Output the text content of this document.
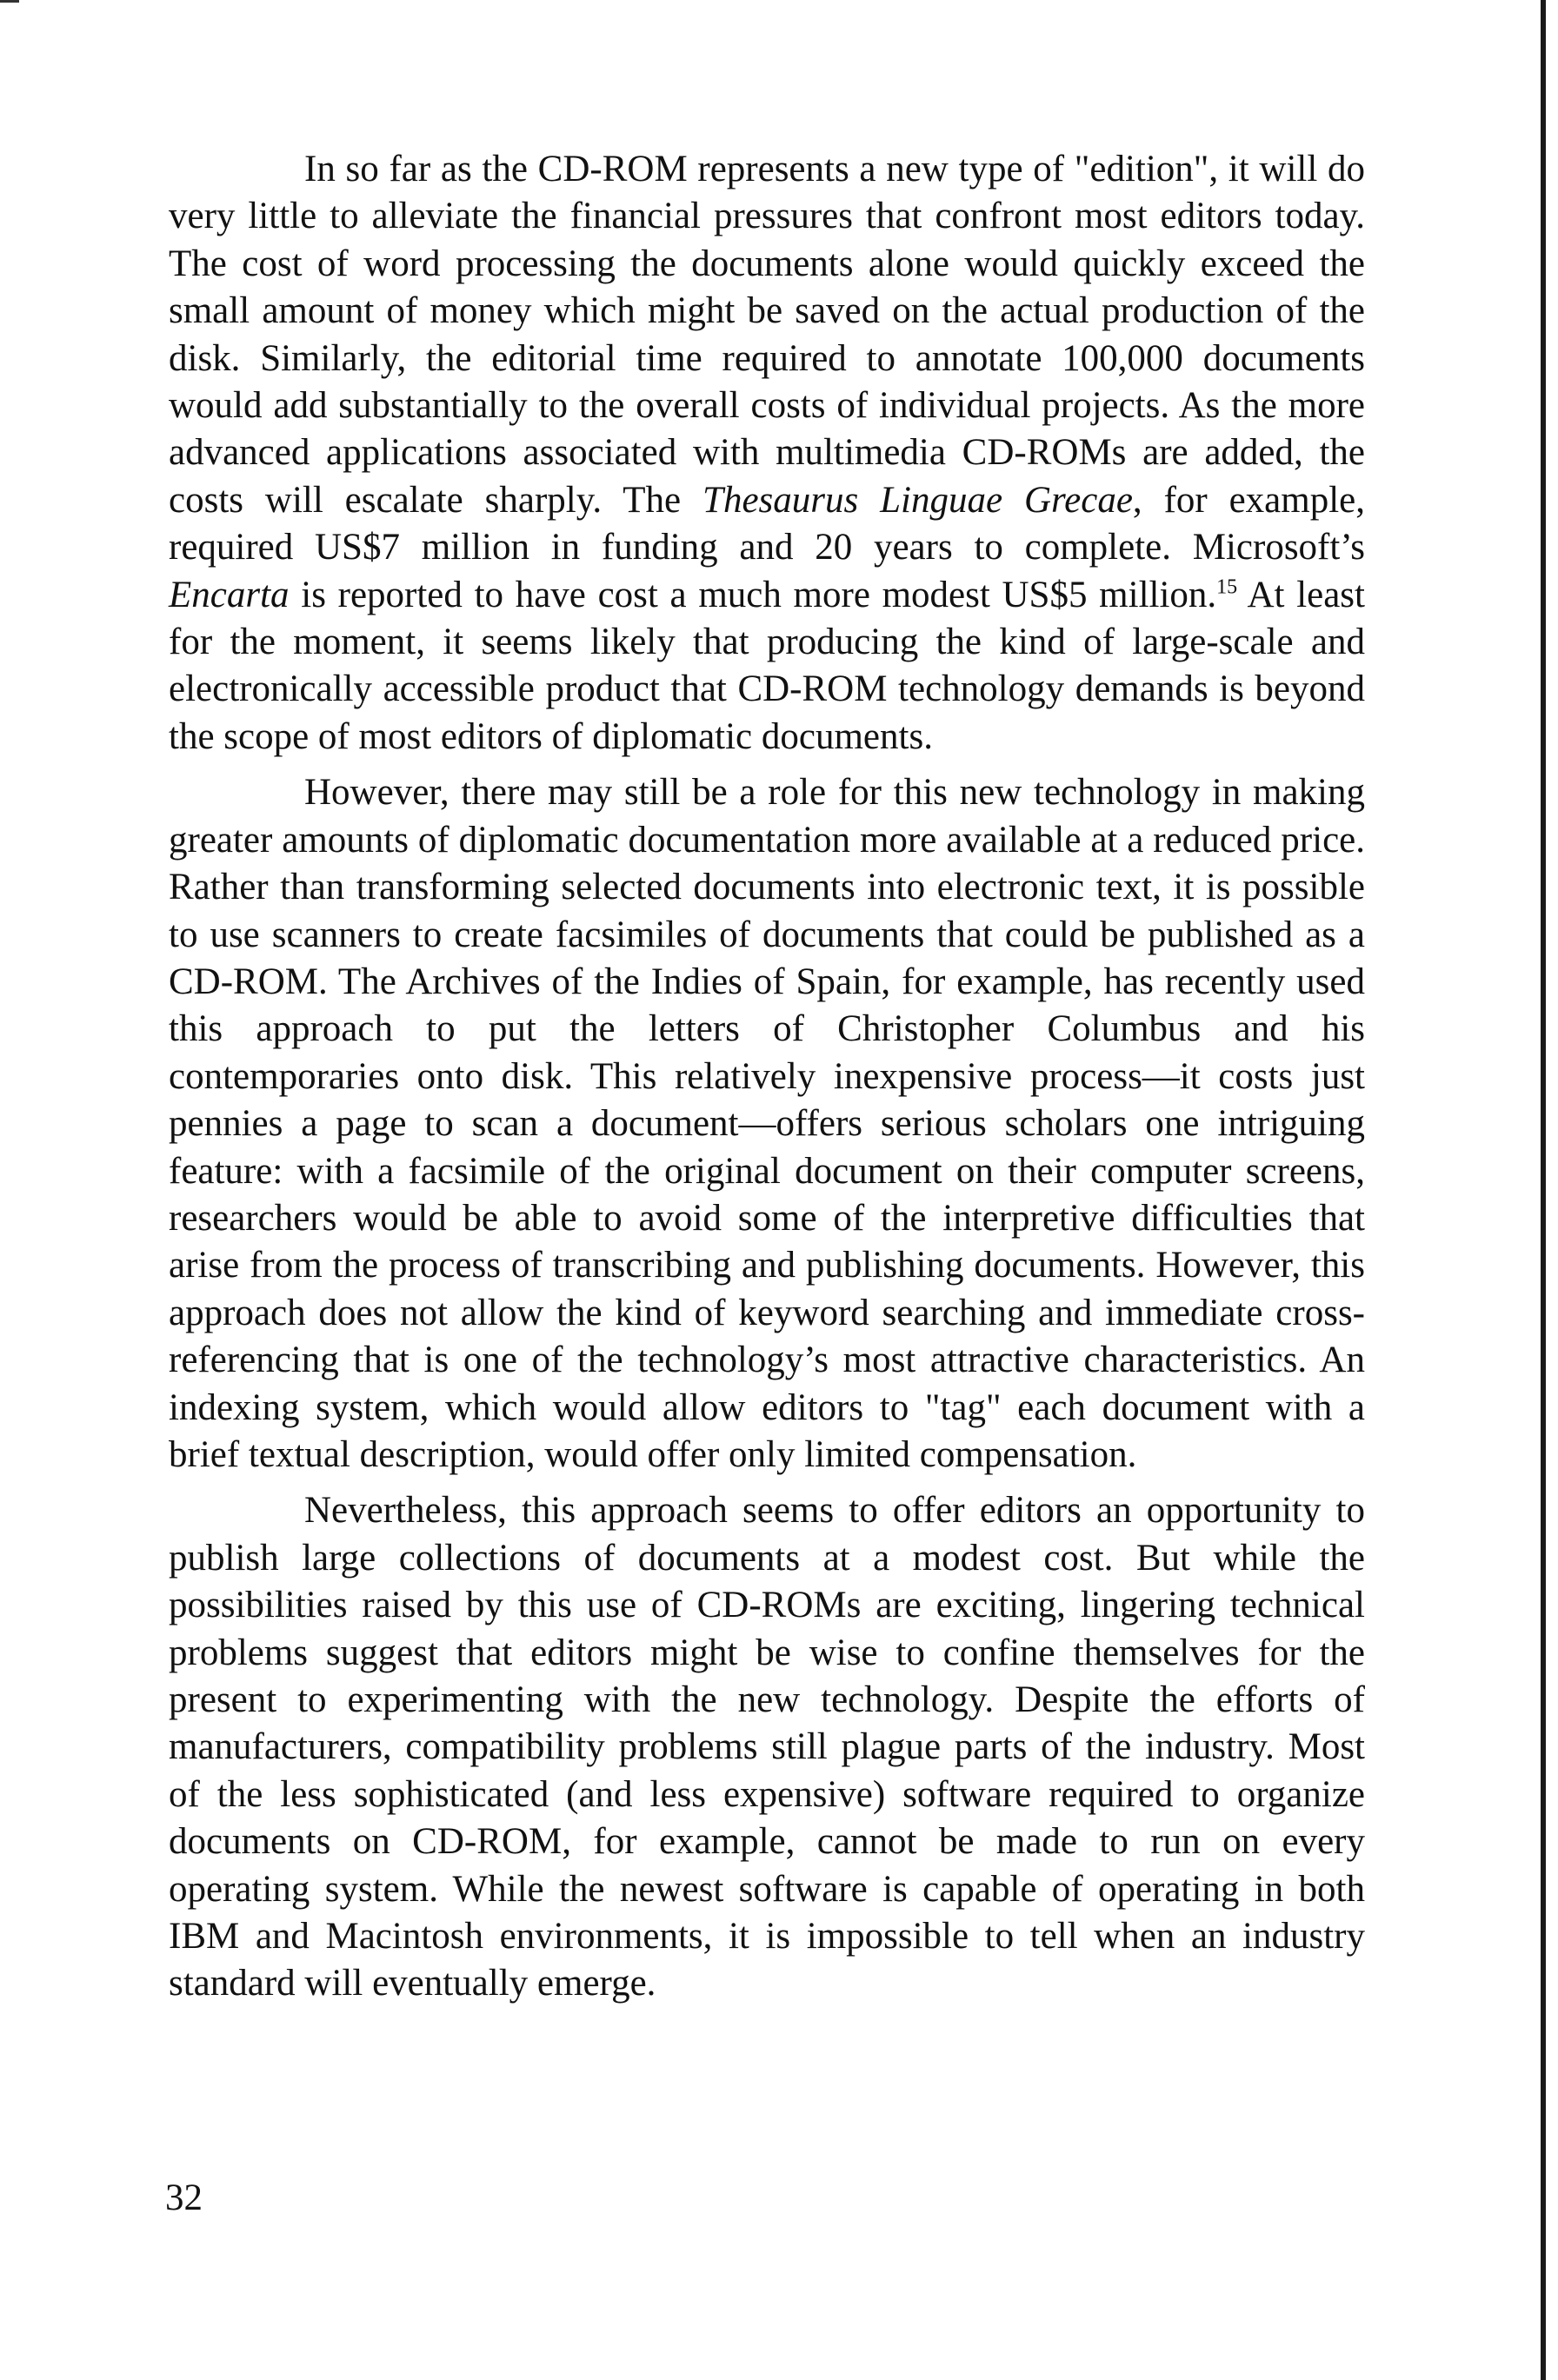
In so far as the CD-ROM represents a new type of "edition", it will do very little to alleviate the financial pressures that confront most editors today. The cost of word processing the documents alone would quickly exceed the small amount of money which might be saved on the actual production of the disk. Similarly, the editorial time required to annotate 100,000 documents would add substantially to the overall costs of individual projects. As the more advanced applications associated with multimedia CD-ROMs are added, the costs will escalate sharply. The Thesaurus Linguae Grecae, for example, required US$7 million in funding and 20 years to complete. Microsoft’s Encarta is reported to have cost a much more modest US$5 million.$^{15}$ At least for the moment, it seems likely that producing the kind of large-scale and electronically accessible product that CD-ROM technology demands is beyond the scope of most editors of diplomatic documents.

However, there may still be a role for this new technology in making greater amounts of diplomatic documentation more available at a reduced price. Rather than transforming selected documents into electronic text, it is possible to use scanners to create facsimiles of documents that could be published as a CD-ROM. The Archives of the Indies of Spain, for example, has recently used this approach to put the letters of Christopher Columbus and his contemporaries onto disk. This relatively inexpensive process—it costs just pennies a page to scan a document—offers serious scholars one intriguing feature: with a facsimile of the original document on their computer screens, researchers would be able to avoid some of the interpretive difficulties that arise from the process of transcribing and publishing documents. However, this approach does not allow the kind of keyword searching and immediate cross-referencing that is one of the technology’s most attractive characteristics. An indexing system, which would allow editors to "tag" each document with a brief textual description, would offer only limited compensation.

Nevertheless, this approach seems to offer editors an opportunity to publish large collections of documents at a modest cost. But while the possibilities raised by this use of CD-ROMs are exciting, lingering technical problems suggest that editors might be wise to confine themselves for the present to experimenting with the new technology. Despite the efforts of manufacturers, compatibility problems still plague parts of the industry. Most of the less sophisticated (and less expensive) software required to organize documents on CD-ROM, for example, cannot be made to run on every operating system. While the newest software is capable of operating in both IBM and Macintosh environments, it is impossible to tell when an industry standard will eventually emerge.

32
